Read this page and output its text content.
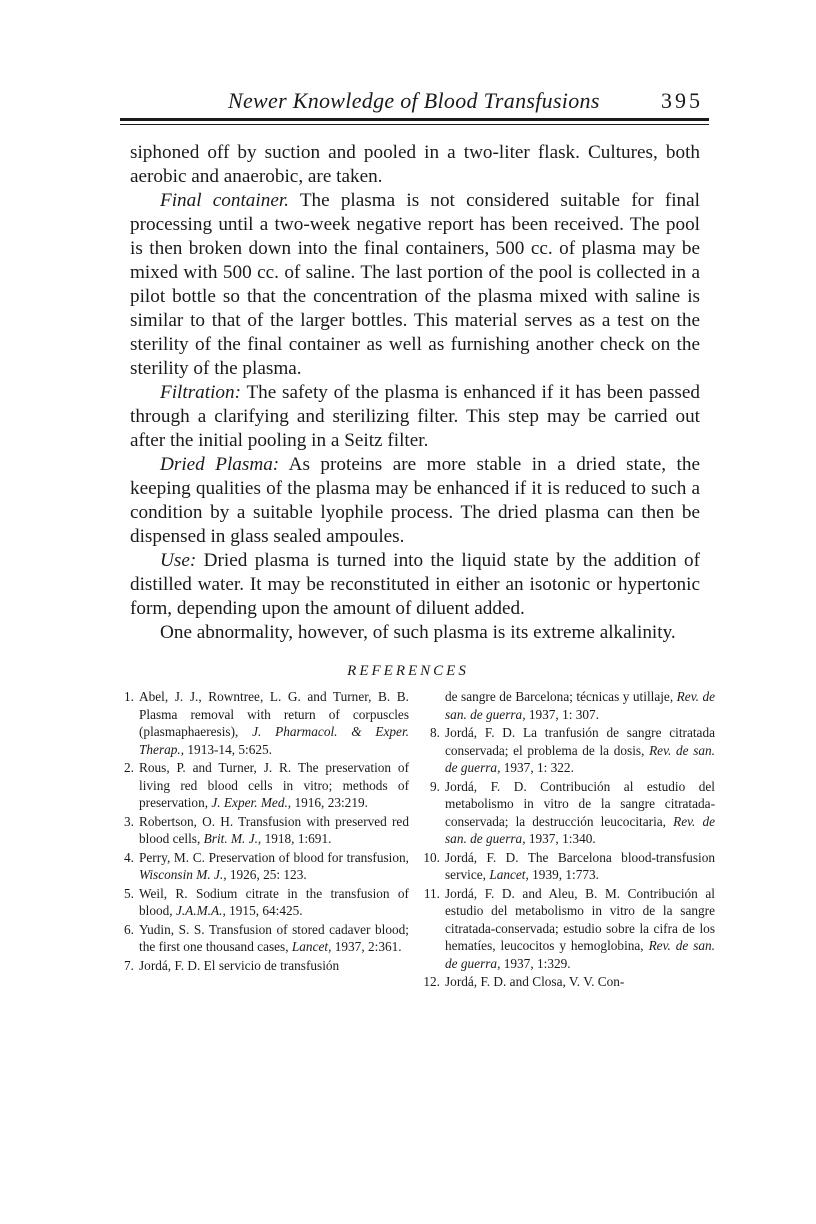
Newer Knowledge of Blood Transfusions	395

siphoned off by suction and pooled in a two-liter flask. Cultures, both aerobic and anaerobic, are taken.

Final container. The plasma is not considered suitable for final processing until a two-week negative report has been received. The pool is then broken down into the final containers, 500 cc. of plasma may be mixed with 500 cc. of saline. The last portion of the pool is collected in a pilot bottle so that the concentration of the plasma mixed with saline is similar to that of the larger bottles. This material serves as a test on the sterility of the final container as well as furnishing another check on the sterility of the plasma.

Filtration: The safety of the plasma is enhanced if it has been passed through a clarifying and sterilizing filter. This step may be carried out after the initial pooling in a Seitz filter.

Dried Plasma: As proteins are more stable in a dried state, the keeping qualities of the plasma may be enhanced if it is reduced to such a condition by a suitable lyophile process. The dried plasma can then be dispensed in glass sealed ampoules.

Use: Dried plasma is turned into the liquid state by the addition of distilled water. It may be reconstituted in either an isotonic or hypertonic form, depending upon the amount of diluent added.

One abnormality, however, of such plasma is its extreme alkalinity.

REFERENCES
1. Abel, J. J., Rowntree, L. G. and Turner, B. B. Plasma removal with return of corpuscles (plasmaphaeresis), J. Pharmacol. & Exper. Therap., 1913-14, 5:625.
2. Rous, P. and Turner, J. R. The preservation of living red blood cells in vitro; methods of preservation, J. Exper. Med., 1916, 23:219.
3. Robertson, O. H. Transfusion with preserved red blood cells, Brit. M. J., 1918, 1:691.
4. Perry, M. C. Preservation of blood for transfusion, Wisconsin M. J., 1926, 25: 123.
5. Weil, R. Sodium citrate in the transfusion of blood, J.A.M.A., 1915, 64:425.
6. Yudin, S. S. Transfusion of stored cadaver blood; the first one thousand cases, Lancet, 1937, 2:361.
7. Jordá, F. D. El servicio de transfusión
de sangre de Barcelona; técnicas y utillaje, Rev. de san. de guerra, 1937, 1: 307.
8. Jordá, F. D. La tranfusión de sangre citratada conservada; el problema de la dosis, Rev. de san. de guerra, 1937, 1: 322.
9. Jordá, F. D. Contribución al estudio del metabolismo in vitro de la sangre citratada-conservada; la destrucción leucocitaria, Rev. de san. de guerra, 1937, 1:340.
10. Jordá, F. D. The Barcelona blood-transfusion service, Lancet, 1939, 1:773.
11. Jordá, F. D. and Aleu, B. M. Contribución al estudio del metabolismo in vitro de la sangre citratada-conservada; estudio sobre la cifra de los hematíes, leucocitos y hemoglobina, Rev. de san. de guerra, 1937, 1:329.
12. Jordá, F. D. and Closa, V. V. Con-
